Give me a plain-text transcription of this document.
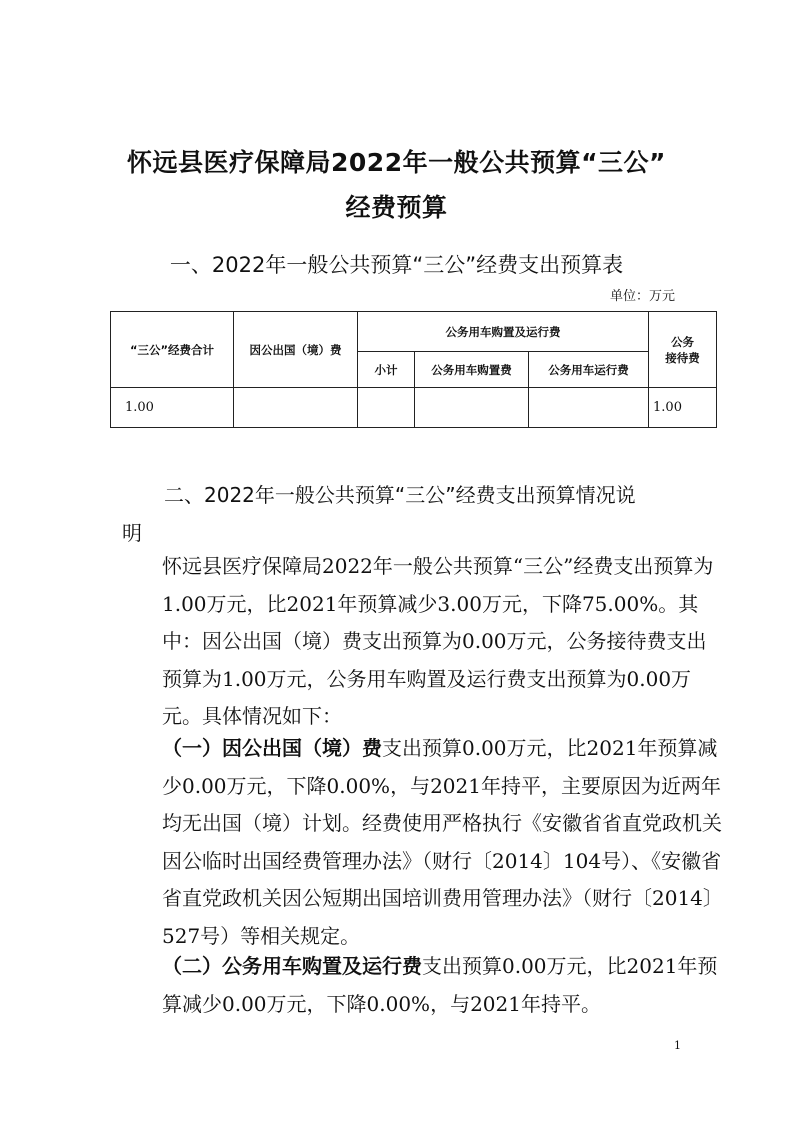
怀远县医疗保障局2022年一般公共预算“三公”
经费预算
一、2022年一般公共预算“三公”经费支出预算表
单位：万元
“三公”经费合计	因公出国（境）费	公务用车购置及运行费			公务
接待费
		小计	公务用车购置费	公务用车运行费	
1.00					1.00
二、2022年一般公共预算“三公”经费支出预算情况说
明
怀远县医疗保障局2022年一般公共预算“三公”经费支出预算为1.00万元，比2021年预算减少3.00万元，下降75.00%。其中：因公出国（境）费支出预算为0.00万元，公务接待费支出预算为1.00万元，公务用车购置及运行费支出预算为0.00万元。具体情况如下：
（一）因公出国（境）费支出预算0.00万元，比2021年预算减少0.00万元，下降0.00%，与2021年持平，主要原因为近两年均无出国（境）计划。经费使用严格执行《安徽省省直党政机关因公临时出国经费管理办法》（财行〔2014〕104号）、《安徽省省直党政机关因公短期出国培训费用管理办法》（财行〔2014〕527号）等相关规定。
（二）公务用车购置及运行费支出预算0.00万元，比2021年预算减少0.00万元，下降0.00%，与2021年持平。
1
